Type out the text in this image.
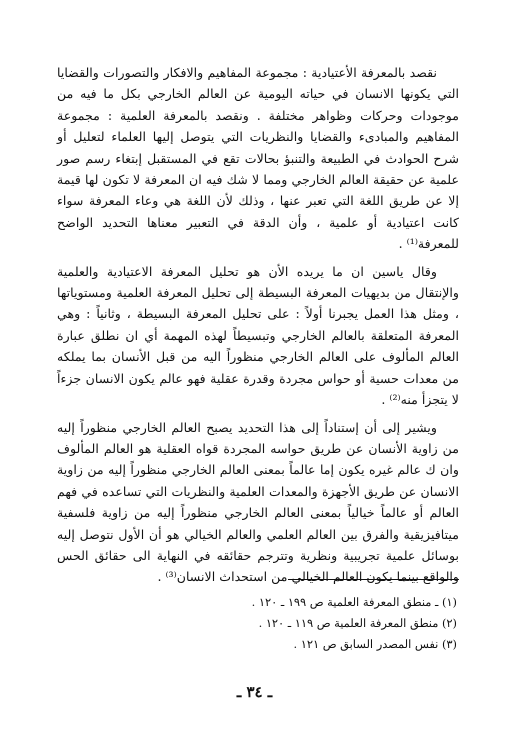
نقصد بالمعرفة الأعتيادية : مجموعة المفاهيم والافكار والتصورات والقضايا التي يكونها الانسان في حياته اليومية عن العالم الخارجي بكل ما فيه من موجودات وحركات وظواهر مختلفة . ونقصد بالمعرفة العلمية : مجموعة المفاهيم والمبادىء والقضايا والنظريات التي يتوصل إليها العلماء لتعليل أو شرح الحوادث في الطبيعة والتنبؤ بحالات تقع في المستقبل إبتغاء رسم صور علمية عن حقيقة العالم الخارجي ومما لا شك فيه ان المعرفة لا تكون لها قيمة إلا عن طريق اللغة التي تعبر عنها ، وذلك لأن اللغة هي وعاء المعرفة سواء كانت اعتيادية أو علمية ، وأن الدقة في التعبير معناها التحديد الواضح للمعرفة⁽¹⁾ .

وقال ياسين ان ما يريده الأن هو تحليل المعرفة الاعتيادية والعلمية والإنتقال من بديهيات المعرفة البسيطة إلى تحليل المعرفة العلمية ومستوياتها ، ومثل هذا العمل يجبرنا أولاً : على تحليل المعرفة البسيطة ، وثانياً : وهي المعرفة المتعلقة بالعالم الخارجي وتبسيطاً لهذه المهمة أي ان نطلق عبارة العالم المألوف على العالم الخارجي منظوراً اليه من قبل الأنسان بما يملكه من معدات حسية أو حواس مجردة وقدرة عقلية فهو عالم يكون الانسان جزءاً لا يتجزأ منه⁽²⁾ .

ويشير إلى أن إستناداً إلى هذا التحديد يصبح العالم الخارجي منظوراً إليه من زاوية الأنسان عن طريق حواسه المجردة قواه العقلية هو العالم المألوف وان ك عالم غيره يكون إما عالماً بمعنى العالم الخارجي منظوراً إليه من زاوية الانسان عن طريق الأجهزة والمعدات العلمية والنظريات التي تساعده في فهم العالم أو عالماً خيالياً بمعنى العالم الخارجي منظوراً إليه من زاوية فلسفية ميتافيزيقية والفرق بين العالم العلمي والعالم الخيالي هو أن الأول نتوصل إليه بوسائل علمية تجريبية ونظرية وتترجم حقائقه في النهاية الى حقائق الحس والواقع بينما يكون العالم الخيالي من استحداث الانسان⁽³⁾ .

(١) ـ منطق المعرفة العلمية ص ١٩٩ ـ ١٢٠ .
(٢) منطق المعرفة العلمية ص ١١٩ ـ ١٢٠ .
(٣) نفس المصدر السابق ص ١٢١ .
ـ ٣٤ ـ
